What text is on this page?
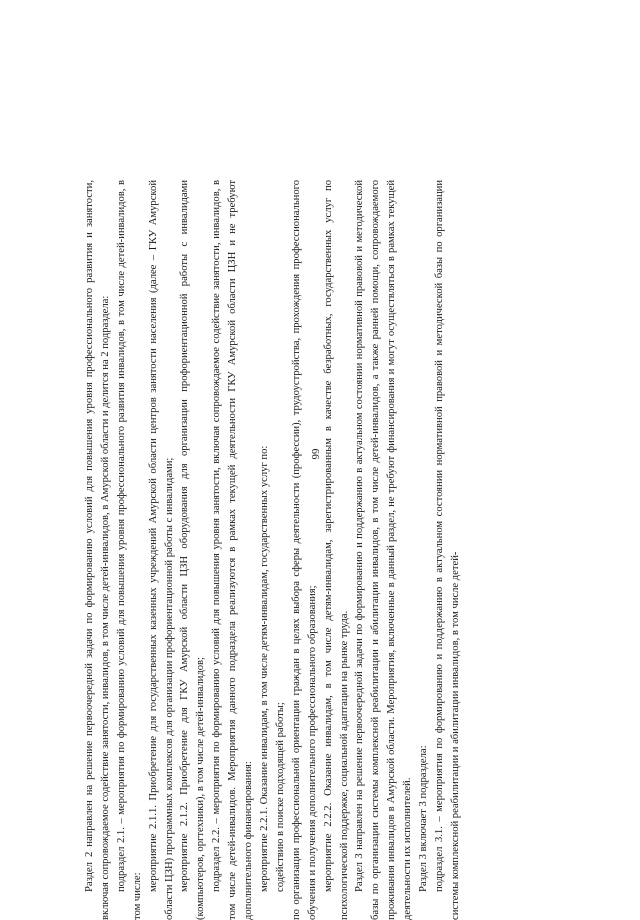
66

Раздел 2 направлен на решение первоочередной задачи по формированию условий для повышения уровня профессионального развития и занятости, включая сопровождаемое содействие занятости, инвалидов, в том числе детей-инвалидов, в Амурской области и делится на 2 подраздела: подраздел 2.1. – мероприятия по формированию условий для повышения уровня профессионального развития инвалидов, в том числе детей-инвалидов, в том числе:

мероприятие 2.1.1. Приобретение для государственных казенных учреждений Амурской области центров занятости населения (далее – ГКУ Амурской области ЦЗН) программных комплексов для организации профориентационной работы с инвалидами; мероприятие 2.1.2. Приобретение для ГКУ Амурской области ЦЗН оборудования для организации профориентационной работы с инвалидами (компьютеров, оргтехники), в том числе детей-инвалидов; подраздел 2.2. – мероприятия по формированию условий для повышения уровня занятости, включая сопровождаемое содействие занятости, инвалидов, в том числе детей-инвалидов. Мероприятия данного подраздела реализуются в рамках текущей деятельности ГКУ Амурской области ЦЗН и не требуют дополнительного финансирования: мероприятие 2.2.1. Оказание инвалидам, в том числе детям-инвалидам, государственных услуг по: содействию в поиске подходящей работы; по организации профессиональной ориентации граждан в целях выбора сферы деятельности (профессии), трудоустройства, прохождения профессионального обучения и получения дополнительного профессионального образования; мероприятие 2.2.2. Оказание инвалидам, в том числе детям-инвалидам, зарегистрированным в качестве безработных, государственных услуг по психологической поддержке, социальной адаптации на рынке труда. Раздел 3 направлен на решение первоочередной задачи по формированию и поддержанию в актуальном состоянии нормативной правовой и методической базы по организации системы комплексной реабилитации и абилитации инвалидов, в том числе детей-инвалидов, а также ранней помощи, сопровождаемого проживания инвалидов в Амурской области. Мероприятия, включенные в данный раздел, не требуют финансирования и могут осуществляться в рамках текущей деятельности их исполнителей. Раздел 3 включает 3 подраздела: подраздел 3.1. – мероприятия по формированию и поддержанию в актуальном состоянии нормативной правовой и методической базы по организации системы комплексной реабилитации и абилитации инвалидов, в том числе детей-
